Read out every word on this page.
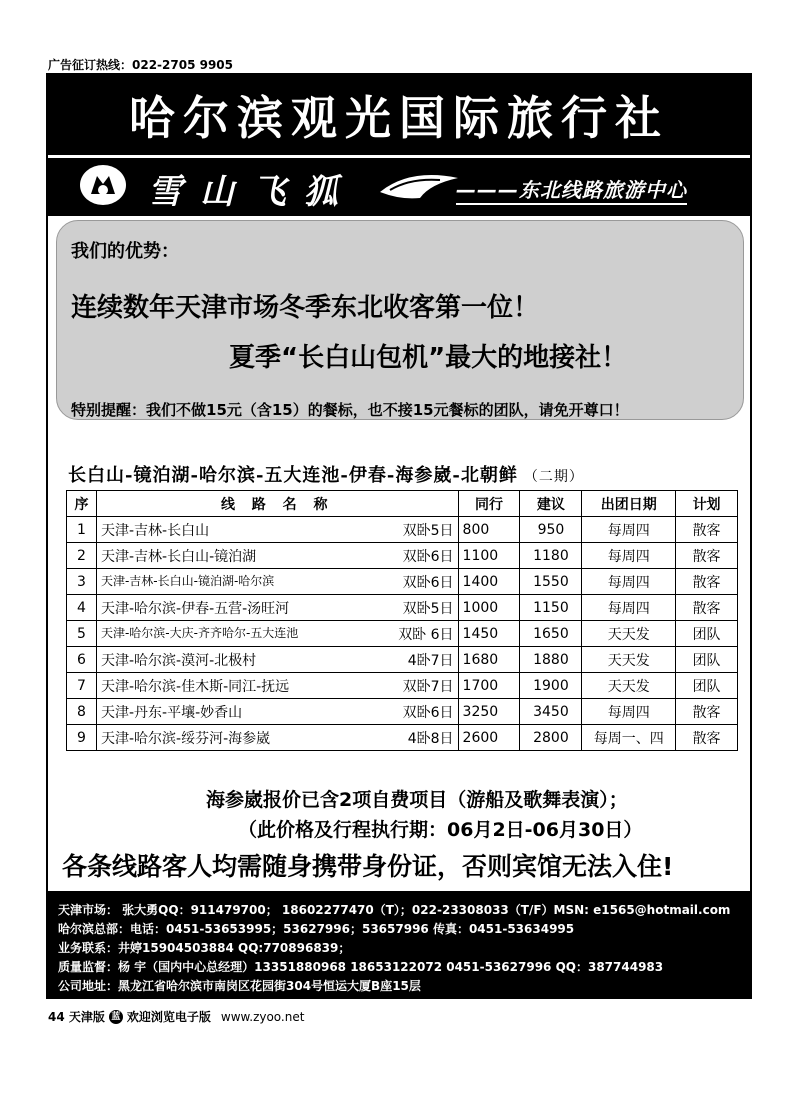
广告征订热线：022-2705 9905
哈尔滨观光国际旅行社
雪山飞狐	———东北线路旅游中心
我们的优势：
连续数年天津市场冬季东北收客第一位！
夏季“长白山包机”最大的地接社！
特别提醒：我们不做15元（含15）的餐标，也不接15元餐标的团队，请免开尊口！
长白山-镜泊湖-哈尔滨-五大连池-伊春-海参崴-北朝鲜 （二期）
序	线 路 名 称	同行	建议	出团日期	计划
1	天津-吉林-长白山 双卧5日	800	950	每周四	散客
2	天津-吉林-长白山-镜泊湖 双卧6日	1100	1180	每周四	散客
3	天津-吉林-长白山-镜泊湖-哈尔滨 双卧6日	1400	1550	每周四	散客
4	天津-哈尔滨-伊春-五营-汤旺河 双卧5日	1000	1150	每周四	散客
5	天津-哈尔滨-大庆-齐齐哈尔-五大连池 双卧 6日	1450	1650	天天发	团队
6	天津-哈尔滨-漠河-北极村 4卧7日	1680	1880	天天发	团队
7	天津-哈尔滨-佳木斯-同江-抚远 双卧7日	1700	1900	天天发	团队
8	天津-丹东-平壤-妙香山 双卧6日	3250	3450	每周四	散客
9	天津-哈尔滨-绥芬河-海参崴 4卧8日	2600	2800	每周一、四	散客
海参崴报价已含2项自费项目（游船及歌舞表演）；
（此价格及行程执行期：06月2日-06月30日）
各条线路客人均需随身携带身份证，否则宾馆无法入住!
天津市场： 张大勇QQ：911479700； 18602277470（T）；022-23308033（T/F）MSN: e1565@hotmail.com
哈尔滨总部：电话：0451-53653995；53627996；53657996 传真：0451-53634995
业务联系：井婷15904503884 QQ:770896839；
质量监督：杨 宇（国内中心总经理）13351880968 18653122072 0451-53627996 QQ：387744983
公司地址：黑龙江省哈尔滨市南岗区花园街304号恒运大厦B座15层
44 天津版 蓝 欢迎浏览电子版 www.zyoo.net
